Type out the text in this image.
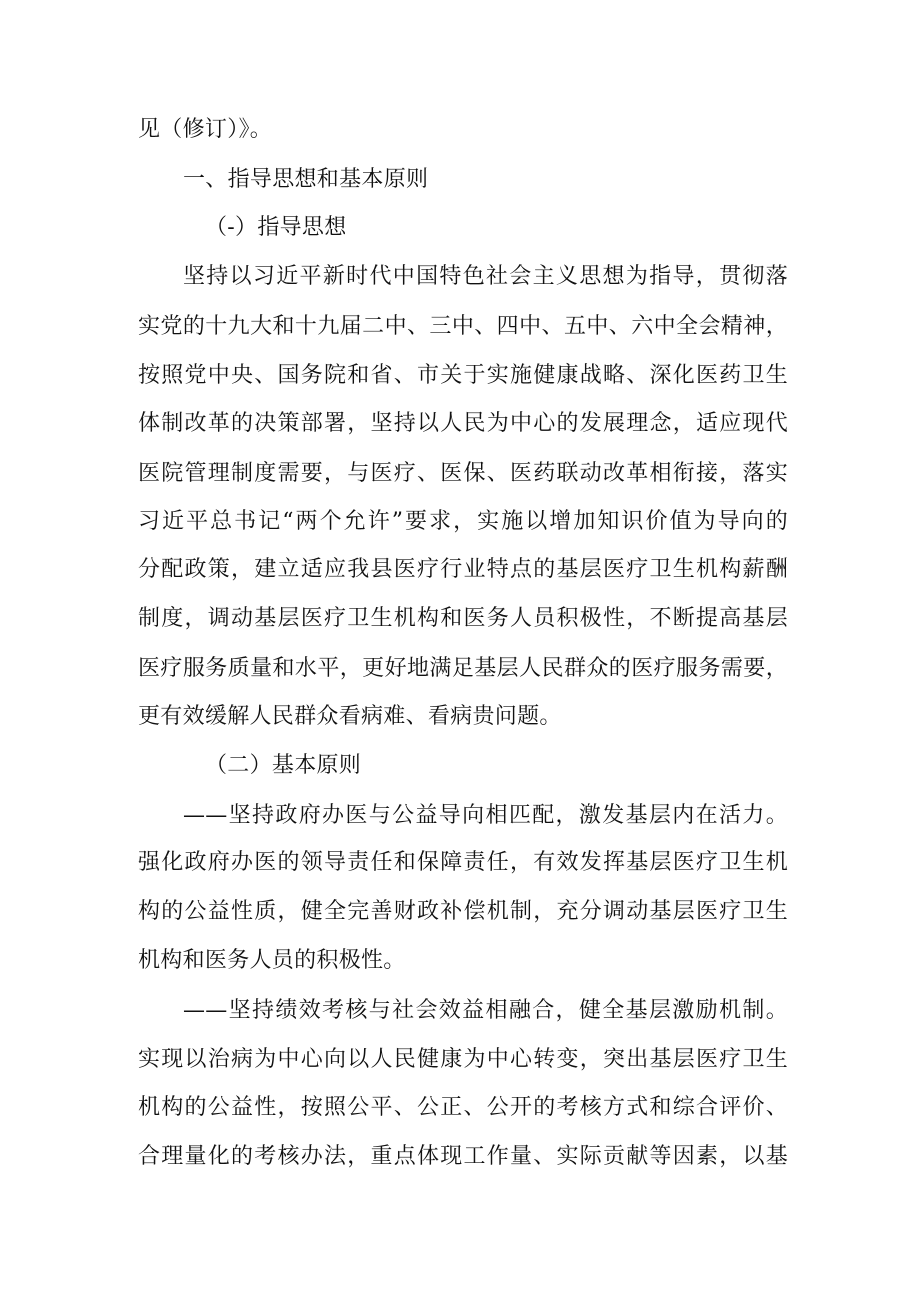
见（修订）》。
一、指导思想和基本原则
（-）指导思想
坚持以习近平新时代中国特色社会主义思想为指导，贯彻落
实党的十九大和十九届二中、三中、四中、五中、六中全会精神，
按照党中央、国务院和省、市关于实施健康战略、深化医药卫生
体制改革的决策部署，坚持以人民为中心的发展理念，适应现代
医院管理制度需要，与医疗、医保、医药联动改革相衔接，落实
习近平总书记“两个允许”要求，实施以增加知识价值为导向的
分配政策，建立适应我县医疗行业特点的基层医疗卫生机构薪酬
制度，调动基层医疗卫生机构和医务人员积极性，不断提高基层
医疗服务质量和水平，更好地满足基层人民群众的医疗服务需要，
更有效缓解人民群众看病难、看病贵问题。
（二）基本原则
——坚持政府办医与公益导向相匹配，激发基层内在活力。
强化政府办医的领导责任和保障责任，有效发挥基层医疗卫生机
构的公益性质，健全完善财政补偿机制，充分调动基层医疗卫生
机构和医务人员的积极性。
——坚持绩效考核与社会效益相融合，健全基层激励机制。
实现以治病为中心向以人民健康为中心转变，突出基层医疗卫生
机构的公益性，按照公平、公正、公开的考核方式和综合评价、
合理量化的考核办法，重点体现工作量、实际贡献等因素，以基
